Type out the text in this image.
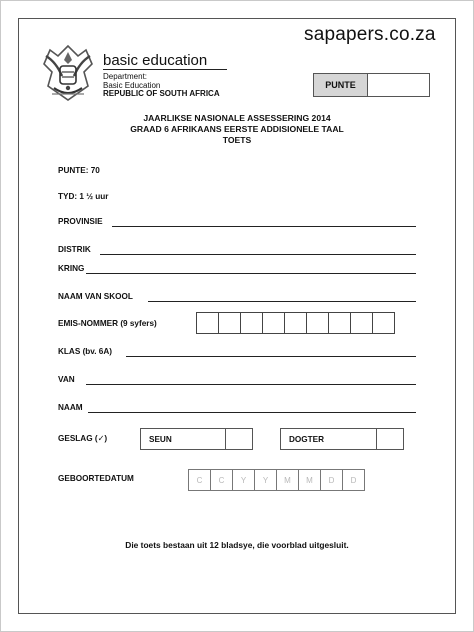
sapapers.co.za
basic education
Department:
Basic Education
REPUBLIC OF SOUTH AFRICA
PUNTE
JAARLIKSE NASIONALE ASSESSERING 2014
GRAAD 6 AFRIKAANS EERSTE ADDISIONELE TAAL
TOETS
PUNTE: 70
TYD: 1 ½ uur
PROVINSIE
DISTRIK
KRING
NAAM VAN SKOOL
EMIS-NOMMER (9 syfers)
KLAS (bv. 6A)
VAN
NAAM
GESLAG (✓)	SEUN	DOGTER
GEBOORTEDATUM	C	C	Y	Y	M	M	D	D
Die toets bestaan uit 12 bladsye, die voorblad uitgesluit.
